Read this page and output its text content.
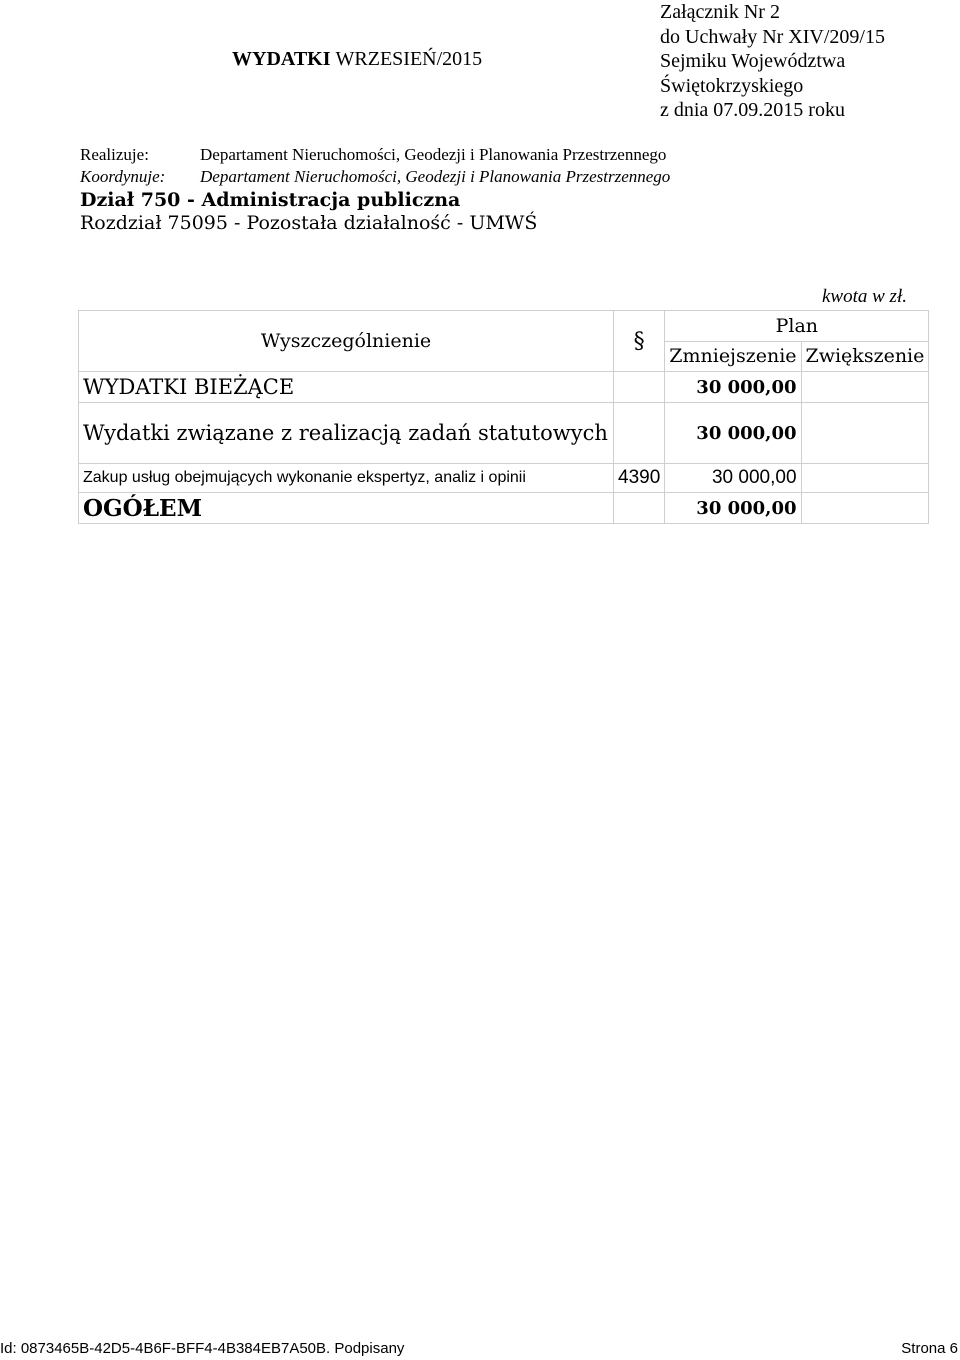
WYDATKI WRZESIEŃ/2015
Załącznik Nr 2
do Uchwały Nr XIV/209/15
Sejmiku Województwa
Świętokrzyskiego
z dnia 07.09.2015 roku
Realizuje:	Departament Nieruchomości, Geodezji i Planowania Przestrzennego
Koordynuje: Departament Nieruchomości, Geodezji i Planowania Przestrzennego
Dział 750 - Administracja publiczna
Rozdział 75095 - Pozostała działalność - UMWŚ
kwota w zł.
Wyszczególnienie	§	Plan	
		Zmniejszenie	Zwiększenie
WYDATKI BIEŻĄCE		30 000,00	
Wydatki związane z realizacją zadań statutowych		30 000,00	
Zakup usług obejmujących wykonanie ekspertyz, analiz i opinii	4390	30 000,00	
OGÓŁEM		30 000,00	
Id: 0873465B-42D5-4B6F-BFF4-4B384EB7A50B. Podpisany	Strona 6
